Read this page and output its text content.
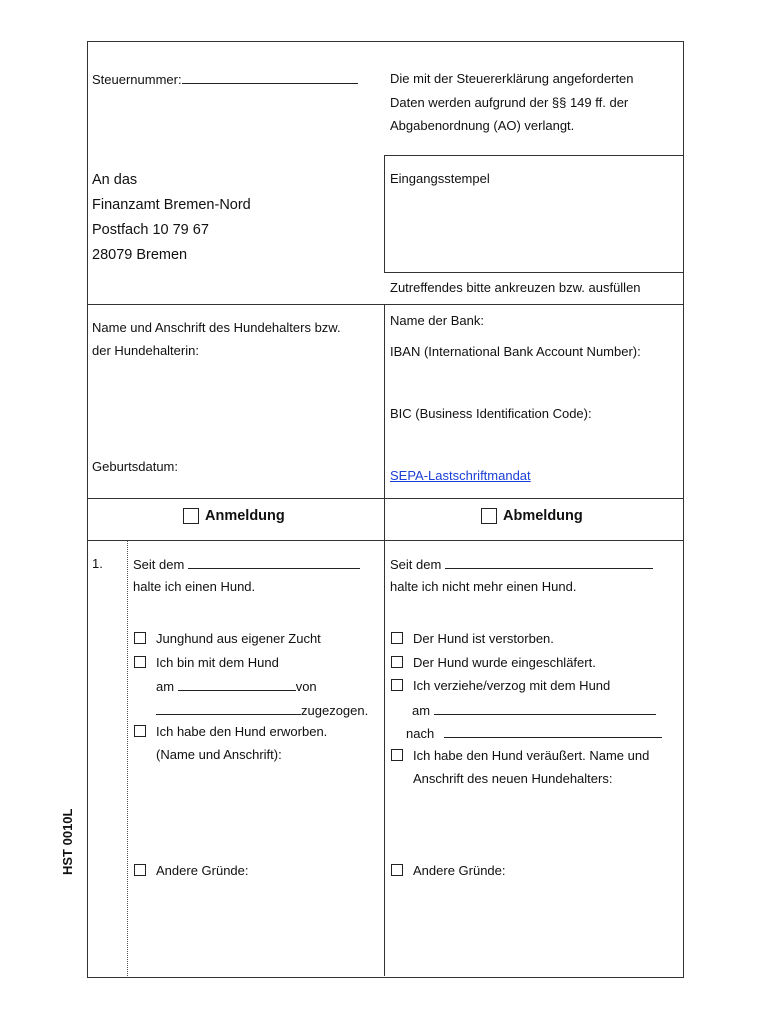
Steuernummer:	Die mit der Steuererklärung angeforderten
Daten werden aufgrund der §§ 149 ff. der
Abgabenordnung (AO) verlangt.
An das
Finanzamt Bremen-Nord
Postfach 10 79 67
28079 Bremen
Eingangsstempel
Zutreffendes bitte ankreuzen bzw. ausfüllen
Name und Anschrift des Hundehalters bzw.
der Hundehalterin:
Geburtsdatum:
Name der Bank:
IBAN (International Bank Account Number):
BIC (Business Identification Code):
SEPA-Lastschriftmandat
Anmeldung	Abmeldung
1. Seit dem
halte ich einen Hund.
Junghund aus eigener Zucht
Ich bin mit dem Hund
am	von
zugezogen.
Ich habe den Hund erworben.
(Name und Anschrift):
Andere Gründe:
Seit dem
halte ich nicht mehr einen Hund.
Der Hund ist verstorben.
Der Hund wurde eingeschläfert.
Ich verziehe/verzog mit dem Hund
am
nach
Ich habe den Hund veräußert. Name und
Anschrift des neuen Hundehalters:
Andere Gründe:
HST 0010L
